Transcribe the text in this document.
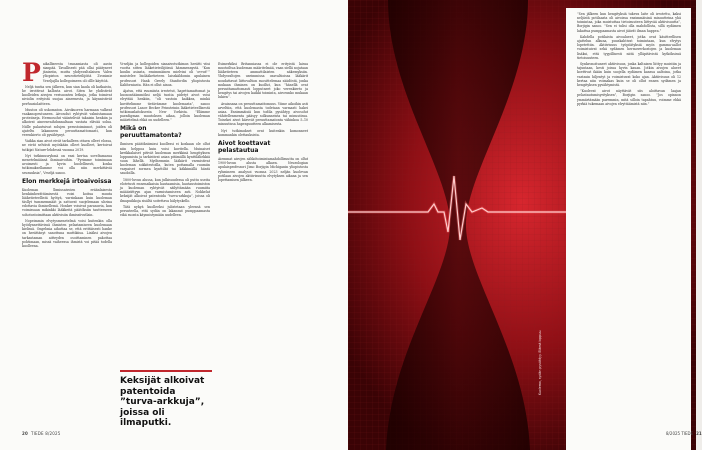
Paikalliseesta tsunamiasta oli aastu sianpää. Tavallisesti pää ollai päätyneet jäniseiin, mutta yhdysvaltalaisen Valen yliopiston neurotieteilijöitä Zvonimir Vrseljajlla kollegoimeen oli ollle käyttöä.

Neljä tuntia sen jälkeen, kun sian kaula oli katkaistu, he irrottivat kallosta aivot. Siten he yhdistivät kuolleiden aivojen verisuonten letkuja, jotka toimivat niviolin erityistä suojaa aineenesta, ja käynnistivät perfuusiolaitteen.

Muutos oli uskomaton. Aivokuoren harmaan valkeat vaakanopeutuneen. Aivosolut ryhtyivät valmistamaan proteiineja. Hermosolut vääntelivät takaisin henkiin ja alkoivat aineenvaihdunnaltaan vastata elävää solua. Niille palautuivat solujen perustoiminnot, joiden oli ajateltu lakanneen peruuttamattomasti, kun verenkierto oli pysähtynyt.

Vaikka sian aivot eivät tarkalleen ottaen olleet elossa, ne eivät selvästi myöskään olleet kuolleet, kertoivat tutkijat Nature-lehdessä vuonna 2019.

Nyt tutkimusryhmä on ensi kertaa soveltamassa menetelmäänsä ihmisaivoihin. ”Pyrimme toimimaan avoimesti ja hyvin huolellisesti, koska tutkimuksellamme voi olla niin merkittäviä seurauksia”, Vrseljä sanoo.

Elon merkkejä irtoaivoissa

Kuoleman lbmissaivoien eräänlaisesta henkiinherättämisestä voisi koitua muuta lääketieteellistä hyötyä, varsinkaan kuin kuoleman täsllyt tummemmäät ja sattuvat suojelemaan uhrina edottavia ihmisellemä. Honkre voisivat paranuvia, kun voimissaan mikinkki lääkkeitä päätöksiin tautteeseen sohotustoimittaan aktiivisiin ihmissiivutlain.

Nopeimmin elvytysmenetelmä voisi kuitenkin olla hyödynnettävissä ihmisten pelastamiseen kuolemaan kielissä. Ongelmia aihuttaa se, että erittäisesti hanke on herättänyt sanottuna muttikiisa. Lisäksi aivojen tarkastaman aitteyden osoittaminen pakottaa pohtimaan, missä vaiheessa ihmistä voi pitää todella kuolleena.

Vrseljän ja kollegoiden sianaivotutkimus herätti viisi vuotta sitten lääketieteilijöissä hämmennystä. ”Kun kuulin asiasta, ensimmäinen mielvini oli ’ovvut!’” muistelee biolääketieteen laisskäldomin apulainen professori Hank Greely Stanfordin yliopistosta Kaliforniasta. Hän ei ollut ainoa.

Ajatus, että ruumiista irrotetut, hapettamattomat ja huonontäämmöksi neljä tuntia pidetyt aivot voisi elvyttää henkiin, ”oli vastoin kaikkea, minkä kuvittelimme tietävämme kuolemasta”, sanoo professori Lance Becker Feinsteinin lääketieteellisestä tutkimuslaitoksesta New Yorkista. ”Elämme paradigman muutoksen aikaa, jolloin kuoleman määritelmä ehkä on uudelleen.”

Mikä on peruuttamatonta?

Ihmisen päätöksiimissi kuollessi ei koskaan ole ollut niin helppoa kuin voisi kuvitella. Muinaiset kreikkalaiset pitivät kuoleman merkkinä hengityksen loppumista ja tarkistivat asian pitämällä kynttiläliekkiä suun lähellä. Myöhemmin lääkärit varmistivat kuoleman sokkitestoilla, kuten pottamalla ruumiin varpaiset sormea kynttilät tai käkkimällä häntä saudoilla.

1800-luvun alussa, kun julkisuudessa oli puttu useita elotetusti ennenaikaisia hautaamisia, hautaustoimiston ja kuoleman ryhtyivät säilyttämään ruumiita määärättyyn ajan varmistamiseen asti. Nokkelat keksijät alkoivat patentoida ”turva-arkkuja”, joissa oli ilmapuikkoja sisältä soitettava hälytyskello.

Tätä nykyä kuolleeksi julistetaan yleensä sen perusteella, että sydän on lakannut pumppaamasta eikä suonta käynnistymään uudelleen.

Keksijät alkoivat patentoida ”turva-arkkuja”, joissa oli ilmaputki.

Esimerkiksi Britanniassa ei ole erityistä laissa muotoiltua kuoleman määritelmää, vaan siellä nojataan lääketieteen ammattilaisten näkemyksiin. Yhdysvaltojen useimmissa osavaltioissa lääkärit noudattavat liittovaltion suosittelemaa säädöstä, jonka mukaan ihminen on kuollut, kun ”hänellä ovat peruuttamattomasti lopputneet joko verenkierto ja hengitys tai aivojen kaikki toiminta, aivorunko mukaan lukien”.

Avainsana on peruuttamattomuus. Viime aikoihin asti arveltiin, että kuolemasta todetaan varmasti hakei asiaa. Ensimmäisiä kun todila pysähtyy, aivosolut vähitellenmenta pääsyy solkunneista tai minuutissa. Toisekei aivot käsvvät peruuttamatonta vähinkoa 5–10 minuutissa hapenpuutteen alkamisesta.

Nyt tutkimukset ovat kuitenkin kumonneet kummankin olettauksista.

Aivot koettavat pelastautua

Aiemmat aivojen sähkötoimintamahdollisuutta on ollut 1900-luvun alusta alkaen. Neurologian apulaisprofessori Jimo Borjigin Michiganin yliopistosta ryhmineen analysoi vuonna 2023 neljän kuolevan potilaan aivojen aktiivisuutta elvytyksen aikana ja sen lopettamisen jälkeen.

20 TIEDE 8/2025

”Sen jälkeen kun hengityksiä tukeva laite oli irrotettu, kaksi neljästä potilaasta oli aivoissa ensimmäisinä minuutteina yhä toimintaa, joka muistuttaa tietoisuuteen liittyvää aktiivisuutta”, Borjigin sanoo. ”Sen ei tulisi olla mahdollista, sillä sydämen lakattua pumppaamasta aivot jäävät ilman happea.”

Kahdella potilaista aivoalueet, jotka ovat käsitteellisen ajattelun alkuna, puuskahtivat toimintaan, kun elvytys lopetettiin. Aktiivisuus työpöätyksiä myös gamma-aallot voimistuivat sekä sydämen hermoverkostojen ja kuoleman lisäksi, että tyypillisesti niitä ylläpitävistä kytköksissä tietoisuuteen.

Synkronoituneet aktiivisuus, jonka kaltaisen liittyy muistiin ja tajuntaan, kesti joissa hyvin kauan. Jotkin aivojen alueet koettivat ikään kuin suojella sydämen kanssa aaltoina, jotka vastasin hiljentyt ja voimistuvat koko ajan. Aktiivisuus oli 12 kertaa niin voimakas kuin se oli ollut ennen sydämen ja hengityksen pysähtymistä.

”Kuolevat aivot näyttävät siis aloittavan laajan pelastautumisyrityksen”, Borjigin sanoo. ”Jos opinnon ymmärtämään paremmin, mitä silloin tapahtuu, voimme ehkä pyrkiä tukemaan aivojen elvyttäämistä niin.”

Kuolema, sydän pysähtyy. Elämä loppuu.
8/2025 TIEDE 21
